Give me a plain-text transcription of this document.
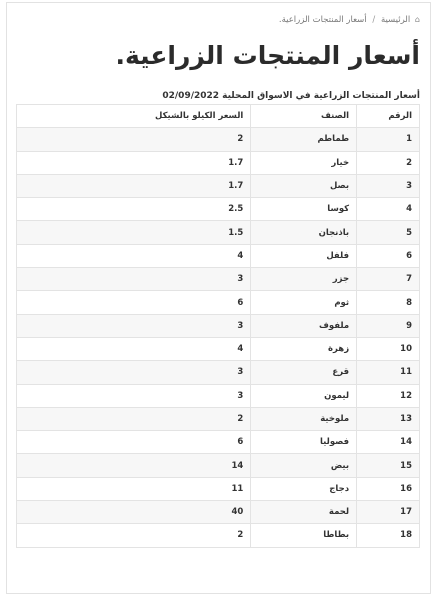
⌂ الرئيسية / أسعار المنتجات الزراعية.
أسعار المنتجات الزراعية.
أسعار المنتجات الزراعية في الاسواق المحلية 02/09/2022
الرقم	الصنف	السعر الكيلو بالشيكل
1	طماطم	2
2	خيار	1.7
3	بصل	1.7
4	كوسا	2.5
5	باذنجان	1.5
6	فلفل	4
7	جزر	3
8	ثوم	6
9	ملفوف	3
10	زهرة	4
11	قرع	3
12	ليمون	3
13	ملوخية	2
14	فصوليا	6
15	بيض	14
16	دجاج	11
17	لحمة	40
18	بطاطا	2
